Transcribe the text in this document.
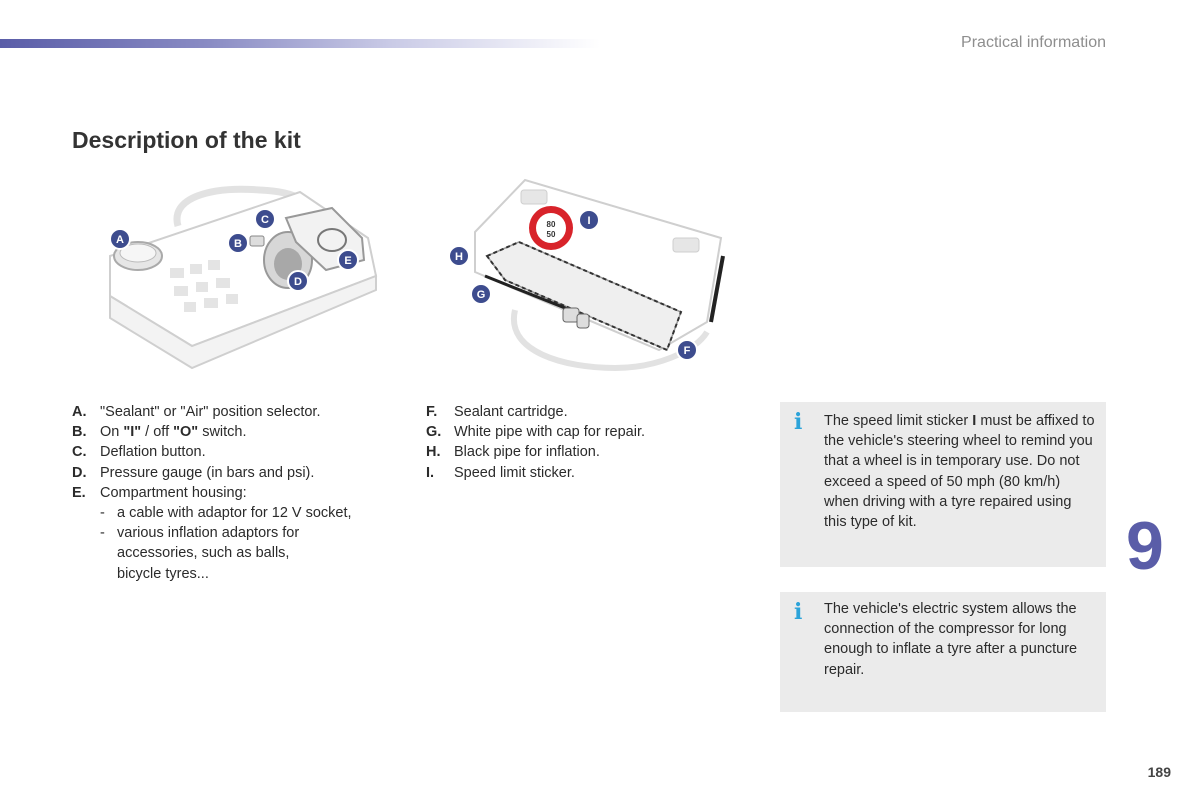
Practical information
Description of the kit
A	B
C
D
E
80
50
I
H
G
F
A. "Sealant" or "Air" position selector.
B. On "I" / off "O" switch.
C. Deflation button.
D. Pressure gauge (in bars and psi).
E. Compartment housing:
- a cable with adaptor for 12 V socket,
- various inflation adaptors for accessories, such as balls, bicycle tyres...
F.	Sealant cartridge.
G. White pipe with cap for repair.
H. Black pipe for inflation.
I.	Speed limit sticker.
i The speed limit sticker I must be affixed to the vehicle's steering wheel to remind you that a wheel is in temporary use. Do not exceed a speed of 50 mph (80 km/h) when driving with a tyre repaired using this type of kit.
i The vehicle's electric system allows the connection of the compressor for long enough to inflate a tyre after a puncture repair.
9
189
